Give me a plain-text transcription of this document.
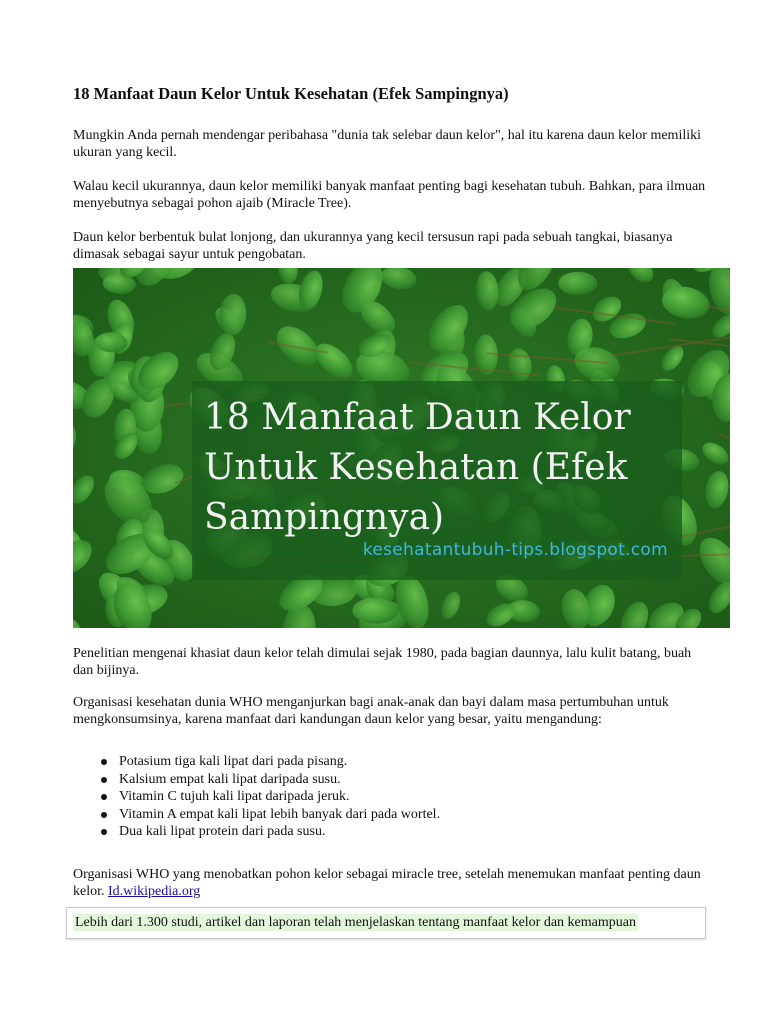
18 Manfaat Daun Kelor Untuk Kesehatan (Efek Sampingnya)

Mungkin Anda pernah mendengar peribahasa "dunia tak selebar daun kelor", hal itu karena daun kelor memiliki ukuran yang kecil.

Walau kecil ukurannya, daun kelor memiliki banyak manfaat penting bagi kesehatan tubuh. Bahkan, para ilmuan menyebutnya sebagai pohon ajaib (Miracle Tree).

Daun kelor berbentuk bulat lonjong, dan ukurannya yang kecil tersusun rapi pada sebuah tangkai, biasanya dimasak sebagai sayur untuk pengobatan.

18 Manfaat Daun Kelor Untuk Kesehatan (Efek Sampingnya)
kesehatantubuh-tips.blogspot.com

Penelitian mengenai khasiat daun kelor telah dimulai sejak 1980, pada bagian daunnya, lalu kulit batang, buah dan bijinya.

Organisasi kesehatan dunia WHO menganjurkan bagi anak-anak dan bayi dalam masa pertumbuhan untuk mengkonsumsinya, karena manfaat dari kandungan daun kelor yang besar, yaitu mengandung:

Potasium tiga kali lipat dari pada pisang.
Kalsium empat kali lipat daripada susu.
Vitamin C tujuh kali lipat daripada jeruk.
Vitamin A empat kali lipat lebih banyak dari pada wortel.
Dua kali lipat protein dari pada susu.

Organisasi WHO yang menobatkan pohon kelor sebagai miracle tree, setelah menemukan manfaat penting daun kelor. Id.wikipedia.org

Lebih dari 1.300 studi, artikel dan laporan telah menjelaskan tentang manfaat kelor dan kemampuan
